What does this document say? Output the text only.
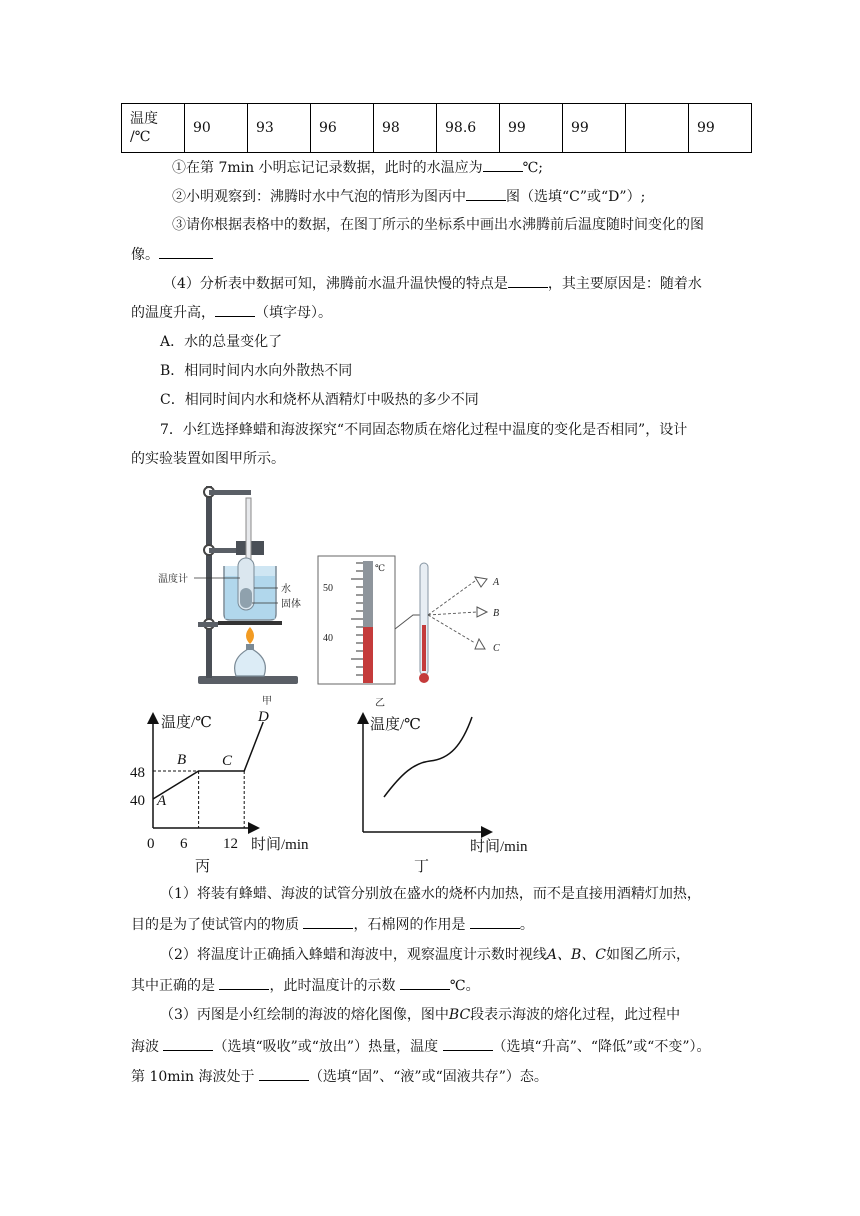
温度
/℃	90	93	96	98	98.6	99	99		99
①在第 7min 小明忘记记录数据，此时的水温应为	℃;
②小明观察到：沸腾时水中气泡的情形为图丙中	图（选填“C”或“D”）;
③请你根据表格中的数据，在图丁所示的坐标系中画出水沸腾前后温度随时间变化的图
像。
（4）分析表中数据可知，沸腾前水温升温快慢的特点是	，其主要原因是：随着水
的温度升高，	（填字母）。
A．水的总量变化了
B．相同时间内水向外散热不同
C．相同时间内水和烧杯从酒精灯中吸热的多少不同
7．小红选择蜂蜡和海波探究“不同固态物质在熔化过程中温度的变化是否相同”，设计
的实验装置如图甲所示。
温度计
水
固体
甲
℃
50
40
A
B
C
乙
温度/℃
时间/min
0 6 12
48
40 A
B C
D
丙
温度/℃
时间/min
丁
（1）将装有蜂蜡、海波的试管分别放在盛水的烧杯内加热，而不是直接用酒精灯加热，
目的是为了使试管内的物质	，石棉网的作用是	。
（2）将温度计正确插入蜂蜡和海波中，观察温度计示数时视线A、B、C如图乙所示，
其中正确的是	，此时温度计的示数	℃。
（3）丙图是小红绘制的海波的熔化图像，图中BC段表示海波的熔化过程，此过程中
海波	（选填“吸收”或“放出”）热量，温度	（选填“升高”、“降低”或“不变”）。
第 10min 海波处于	（选填“固”、“液”或“固液共存”）态。
